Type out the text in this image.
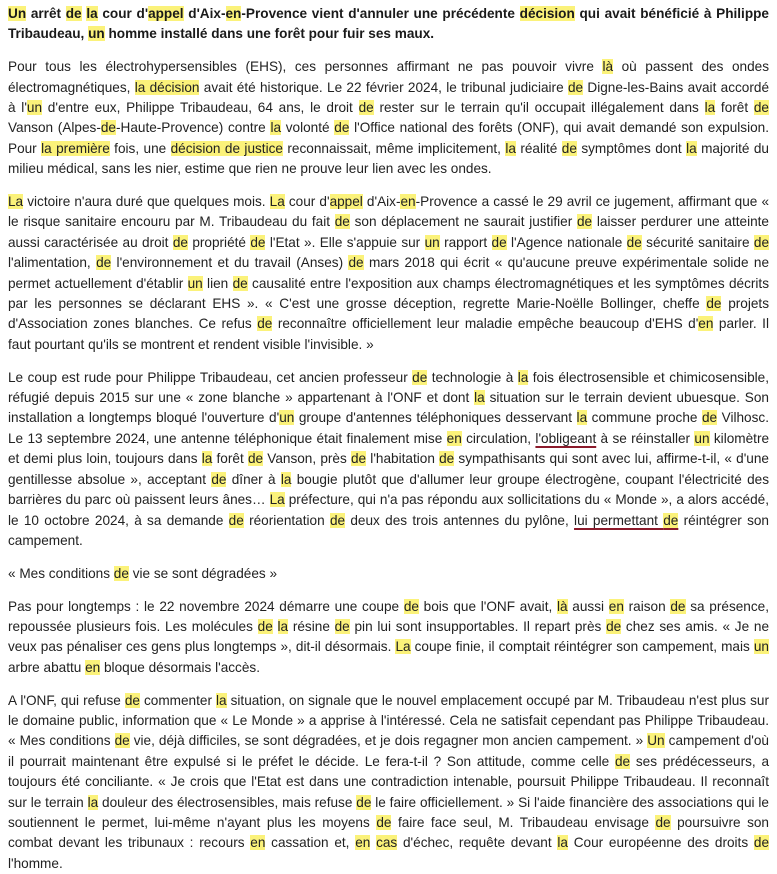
Un arrêt de la cour d'appel d'Aix-en-Provence vient d'annuler une précédente décision qui avait bénéficié à Philippe Tribaudeau, un homme installé dans une forêt pour fuir ses maux.

Pour tous les électrohypersensibles (EHS), ces personnes affirmant ne pas pouvoir vivre là où passent des ondes électromagnétiques, la décision avait été historique. Le 22 février 2024, le tribunal judiciaire de Digne-les-Bains avait accordé à l'un d'entre eux, Philippe Tribaudeau, 64 ans, le droit de rester sur le terrain qu'il occupait illégalement dans la forêt de Vanson (Alpes-de-Haute-Provence) contre la volonté de l'Office national des forêts (ONF), qui avait demandé son expulsion. Pour la première fois, une décision de justice reconnaissait, même implicitement, la réalité de symptômes dont la majorité du milieu médical, sans les nier, estime que rien ne prouve leur lien avec les ondes.

La victoire n'aura duré que quelques mois. La cour d'appel d'Aix-en-Provence a cassé le 29 avril ce jugement, affirmant que « le risque sanitaire encouru par M. Tribaudeau du fait de son déplacement ne saurait justifier de laisser perdurer une atteinte aussi caractérisée au droit de propriété de l'Etat ». Elle s'appuie sur un rapport de l'Agence nationale de sécurité sanitaire de l'alimentation, de l'environnement et du travail (Anses) de mars 2018 qui écrit « qu'aucune preuve expérimentale solide ne permet actuellement d'établir un lien de causalité entre l'exposition aux champs électromagnétiques et les symptômes décrits par les personnes se déclarant EHS ». « C'est une grosse déception, regrette Marie-Noëlle Bollinger, cheffe de projets d'Association zones blanches. Ce refus de reconnaître officiellement leur maladie empêche beaucoup d'EHS d'en parler. Il faut pourtant qu'ils se montrent et rendent visible l'invisible. »

Le coup est rude pour Philippe Tribaudeau, cet ancien professeur de technologie à la fois électrosensible et chimicosensible, réfugié depuis 2015 sur une « zone blanche » appartenant à l'ONF et dont la situation sur le terrain devient ubuesque. Son installation a longtemps bloqué l'ouverture d'un groupe d'antennes téléphoniques desservant la commune proche de Vilhosc. Le 13 septembre 2024, une antenne téléphonique était finalement mise en circulation, l'obligeant à se réinstaller un kilomètre et demi plus loin, toujours dans la forêt de Vanson, près de l'habitation de sympathisants qui sont avec lui, affirme-t-il, « d'une gentillesse absolue », acceptant de dîner à la bougie plutôt que d'allumer leur groupe électrogène, coupant l'électricité des barrières du parc où paissent leurs ânes… La préfecture, qui n'a pas répondu aux sollicitations du « Monde », a alors accédé, le 10 octobre 2024, à sa demande de réorientation de deux des trois antennes du pylône, lui permettant de réintégrer son campement.

« Mes conditions de vie se sont dégradées »

Pas pour longtemps : le 22 novembre 2024 démarre une coupe de bois que l'ONF avait, là aussi en raison de sa présence, repoussée plusieurs fois. Les molécules de la résine de pin lui sont insupportables. Il repart près de chez ses amis. « Je ne veux pas pénaliser ces gens plus longtemps », dit-il désormais. La coupe finie, il comptait réintégrer son campement, mais un arbre abattu en bloque désormais l'accès.

A l'ONF, qui refuse de commenter la situation, on signale que le nouvel emplacement occupé par M. Tribaudeau n'est plus sur le domaine public, information que « Le Monde » a apprise à l'intéressé. Cela ne satisfait cependant pas Philippe Tribaudeau. « Mes conditions de vie, déjà difficiles, se sont dégradées, et je dois regagner mon ancien campement. » Un campement d'où il pourrait maintenant être expulsé si le préfet le décide. Le fera-t-il ? Son attitude, comme celle de ses prédécesseurs, a toujours été conciliante. « Je crois que l'Etat est dans une contradiction intenable, poursuit Philippe Tribaudeau. Il reconnaît sur le terrain la douleur des électrosensibles, mais refuse de le faire officiellement. » Si l'aide financière des associations qui le soutiennent le permet, lui-même n'ayant plus les moyens de faire face seul, M. Tribaudeau envisage de poursuivre son combat devant les tribunaux : recours en cassation et, en cas d'échec, requête devant la Cour européenne des droits de l'homme.
